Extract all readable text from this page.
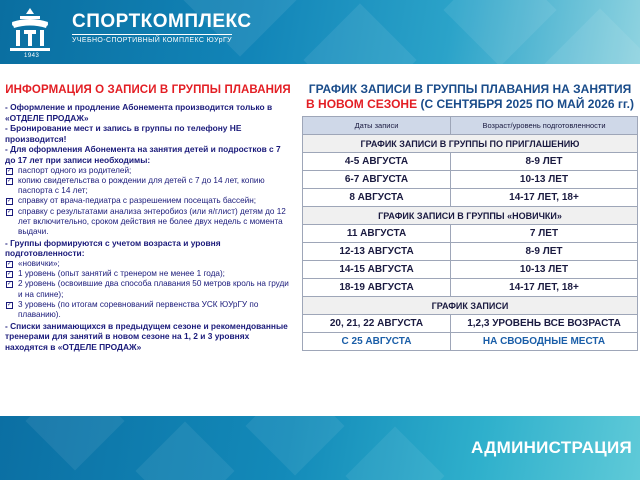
1943
СПОРТКОМПЛЕКС
УЧЕБНО-СПОРТИВНЫЙ КОМПЛЕКС ЮУрГУ
ИНФОРМАЦИЯ О ЗАПИСИ В ГРУППЫ ПЛАВАНИЯ

- Оформление и продление Абонемента производится только в «ОТДЕЛЕ ПРОДАЖ»

- Бронирование мест и запись в группы по телефону НЕ производится!

- Для оформления Абонемента на занятия детей и подростков с 7 до 17 лет при записи необходимы:

✓ паспорт одного из родителей;
✓ копию свидетельства о рождении для детей с 7 до 14 лет, копию паспорта с 14 лет;
✓ справку от врача-педиатра с разрешением посещать бассейн;
✓ справку с результатами анализа энтеробиоз (или я/глист) детям до 12 лет включительно, сроком действия не более двух недель с момента выдачи.

- Группы формируются с учетом возраста и уровня подготовленности:

✓ «новички»;
✓ 1 уровень (опыт занятий с тренером не менее 1 года);
✓ 2 уровень (освоившие два способа плавания 50 метров кроль на груди и на спине);
✓ 3 уровень (по итогам соревнований первенства УСК ЮУрГУ по плаванию).

- Списки занимающихся в предыдущем сезоне и рекомендованные тренерами для занятий в новом сезоне на 1, 2 и 3 уровнях находятся в «ОТДЕЛЕ ПРОДАЖ»

ГРАФИК ЗАПИСИ В ГРУППЫ ПЛАВАНИЯ НА ЗАНЯТИЯ
В НОВОМ СЕЗОНЕ (С СЕНТЯБРЯ 2025 ПО МАЙ 2026 гг.)
Даты записи	Возраст/уровень подготовленности
ГРАФИК ЗАПИСИ В ГРУППЫ ПО ПРИГЛАШЕНИЮ	
4-5 АВГУСТА	8-9 ЛЕТ
6-7 АВГУСТА	10-13 ЛЕТ
8 АВГУСТА	14-17 ЛЕТ, 18+
ГРАФИК ЗАПИСИ В ГРУППЫ «НОВИЧКИ»	
11 АВГУСТА	7 ЛЕТ
12-13 АВГУСТА	8-9 ЛЕТ
14-15 АВГУСТА	10-13 ЛЕТ
18-19 АВГУСТА	14-17 ЛЕТ, 18+
ГРАФИК ЗАПИСИ	
20, 21, 22 АВГУСТА	1,2,3 УРОВЕНЬ ВСЕ ВОЗРАСТА
С 25 АВГУСТА	НА СВОБОДНЫЕ МЕСТА
АДМИНИСТРАЦИЯ
